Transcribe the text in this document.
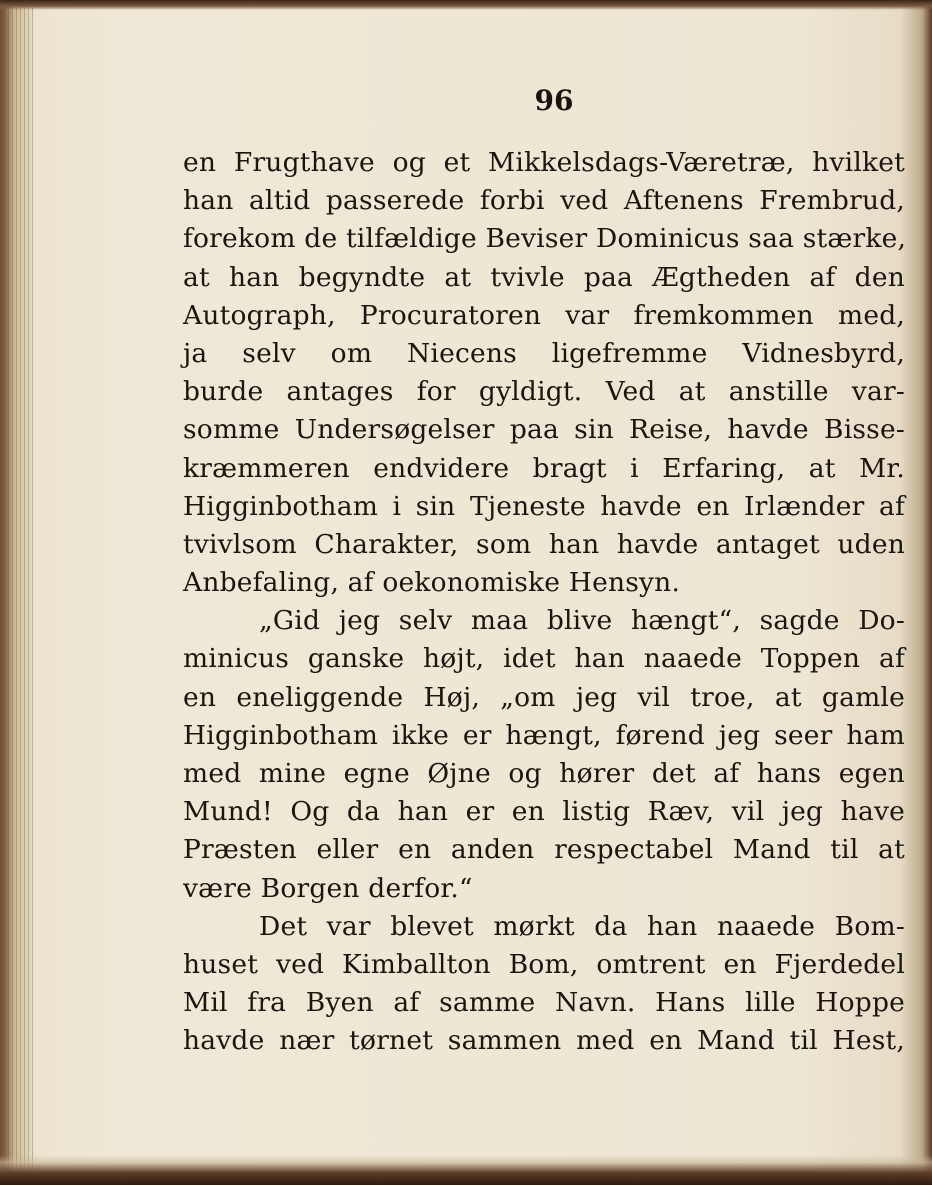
96
en Frugthave og et Mikkelsdags-Væretræ, hvilket
han altid passerede forbi ved Aftenens Frembrud,
forekom de tilfældige Beviser Dominicus saa stærke,
at han begyndte at tvivle paa Ægtheden af den
Autograph, Procuratoren var fremkommen med,
ja selv om Niecens ligefremme Vidnesbyrd,
burde antages for gyldigt. Ved at anstille var-
somme Undersøgelser paa sin Reise, havde Bisse-
kræmmeren endvidere bragt i Erfaring, at Mr.
Higginbotham i sin Tjeneste havde en Irlænder af
tvivlsom Charakter, som han havde antaget uden
Anbefaling, af oekonomiske Hensyn.
„Gid jeg selv maa blive hængt“, sagde Do-
minicus ganske højt, idet han naaede Toppen af
en eneliggende Høj, „om jeg vil troe, at gamle
Higginbotham ikke er hængt, førend jeg seer ham
med mine egne Øjne og hører det af hans egen
Mund! Og da han er en listig Ræv, vil jeg have
Præsten eller en anden respectabel Mand til at
være Borgen derfor.“
Det var blevet mørkt da han naaede Bom-
huset ved Kimballton Bom, omtrent en Fjerdedel
Mil fra Byen af samme Navn. Hans lille Hoppe
havde nær tørnet sammen med en Mand til Hest,
